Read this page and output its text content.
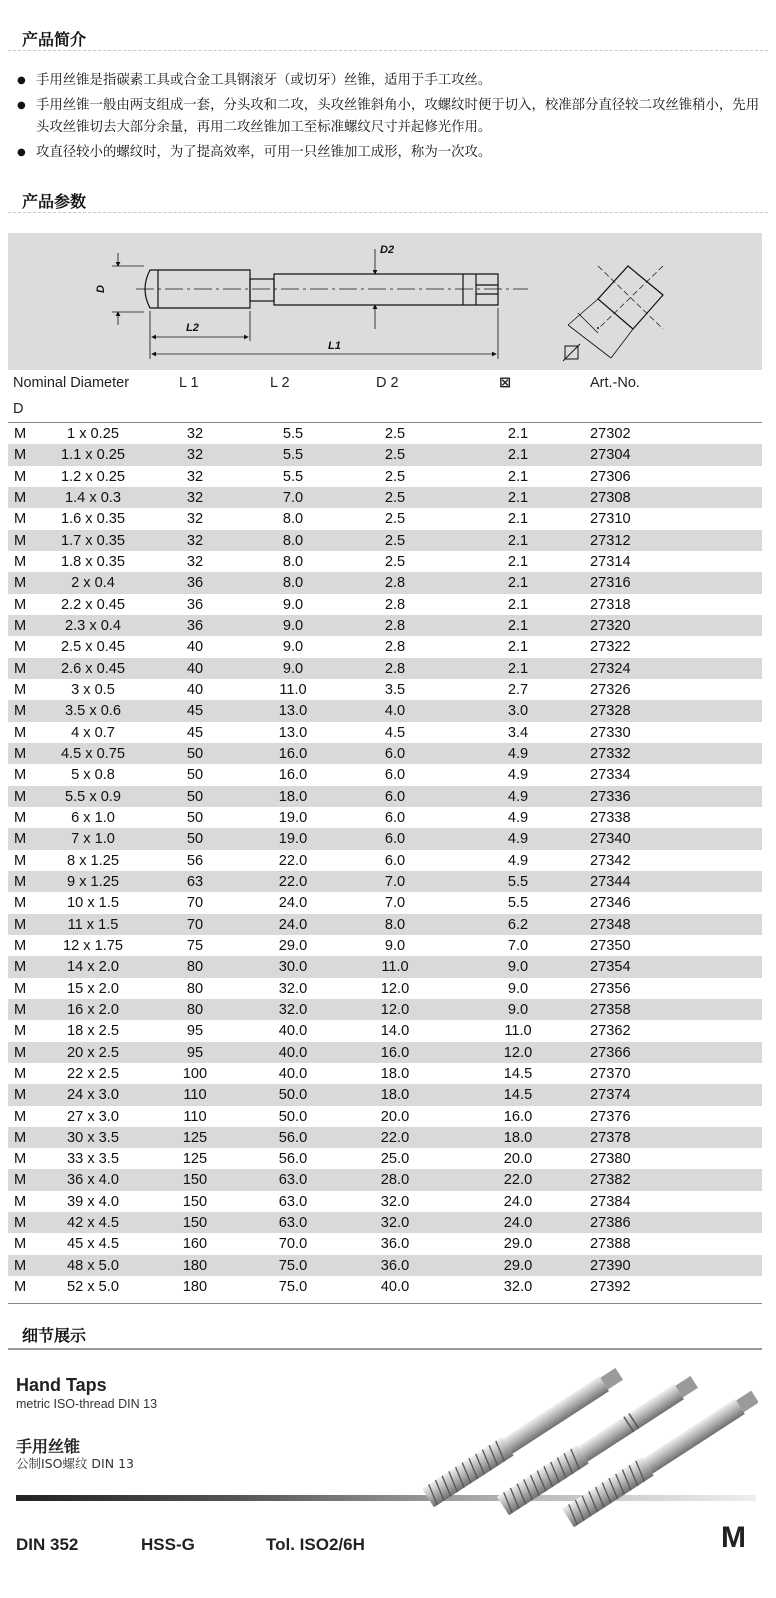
产品简介
● 手用丝锥是指碳素工具或合金工具钢滚牙（或切牙）丝锥，适用于手工攻丝。
● 手用丝锥一般由两支组成一套，分头攻和二攻，头攻丝锥斜角小，攻螺纹时便于切入，校准部分直径较二攻丝锥稍小，先用头攻丝锥切去大部分余量，再用二攻丝锥加工至标准螺纹尺寸并起修光作用。
● 攻直径较小的螺纹时，为了提高效率，可用一只丝锥加工成形，称为一次攻。
产品参数
D
D2
L2
L1
Nominal Diameter
D
L 1	L 2	D 2	⊠	Art.-No.
M	1 x 0.25	32	5.5	2.5	2.1	27302
M	1.1 x 0.25	32	5.5	2.5	2.1	27304
M	1.2 x 0.25	32	5.5	2.5	2.1	27306
M	1.4 x 0.3	32	7.0	2.5	2.1	27308
M	1.6 x 0.35	32	8.0	2.5	2.1	27310
M	1.7 x 0.35	32	8.0	2.5	2.1	27312
M	1.8 x 0.35	32	8.0	2.5	2.1	27314
M	2 x 0.4	36	8.0	2.8	2.1	27316
M	2.2 x 0.45	36	9.0	2.8	2.1	27318
M	2.3 x 0.4	36	9.0	2.8	2.1	27320
M	2.5 x 0.45	40	9.0	2.8	2.1	27322
M	2.6 x 0.45	40	9.0	2.8	2.1	27324
M	3 x 0.5	40	11.0	3.5	2.7	27326
M	3.5 x 0.6	45	13.0	4.0	3.0	27328
M	4 x 0.7	45	13.0	4.5	3.4	27330
M	4.5 x 0.75	50	16.0	6.0	4.9	27332
M	5 x 0.8	50	16.0	6.0	4.9	27334
M	5.5 x 0.9	50	18.0	6.0	4.9	27336
M	6 x 1.0	50	19.0	6.0	4.9	27338
M	7 x 1.0	50	19.0	6.0	4.9	27340
M	8 x 1.25	56	22.0	6.0	4.9	27342
M	9 x 1.25	63	22.0	7.0	5.5	27344
M	10 x 1.5	70	24.0	7.0	5.5	27346
M	11 x 1.5	70	24.0	8.0	6.2	27348
M	12 x 1.75	75	29.0	9.0	7.0	27350
M	14 x 2.0	80	30.0	11.0	9.0	27354
M	15 x 2.0	80	32.0	12.0	9.0	27356
M	16 x 2.0	80	32.0	12.0	9.0	27358
M	18 x 2.5	95	40.0	14.0	11.0	27362
M	20 x 2.5	95	40.0	16.0	12.0	27366
M	22 x 2.5	100	40.0	18.0	14.5	27370
M	24 x 3.0	110	50.0	18.0	14.5	27374
M	27 x 3.0	110	50.0	20.0	16.0	27376
M	30 x 3.5	125	56.0	22.0	18.0	27378
M	33 x 3.5	125	56.0	25.0	20.0	27380
M	36 x 4.0	150	63.0	28.0	22.0	27382
M	39 x 4.0	150	63.0	32.0	24.0	27384
M	42 x 4.5	150	63.0	32.0	24.0	27386
M	45 x 4.5	160	70.0	36.0	29.0	27388
M	48 x 5.0	180	75.0	36.0	29.0	27390
M	52 x 5.0	180	75.0	40.0	32.0	27392
细节展示
Hand Taps
metric ISO-thread DIN 13
手用丝锥
公制ISO螺纹 DIN 13
DIN 352	HSS-G	Tol. ISO2/6H	M
